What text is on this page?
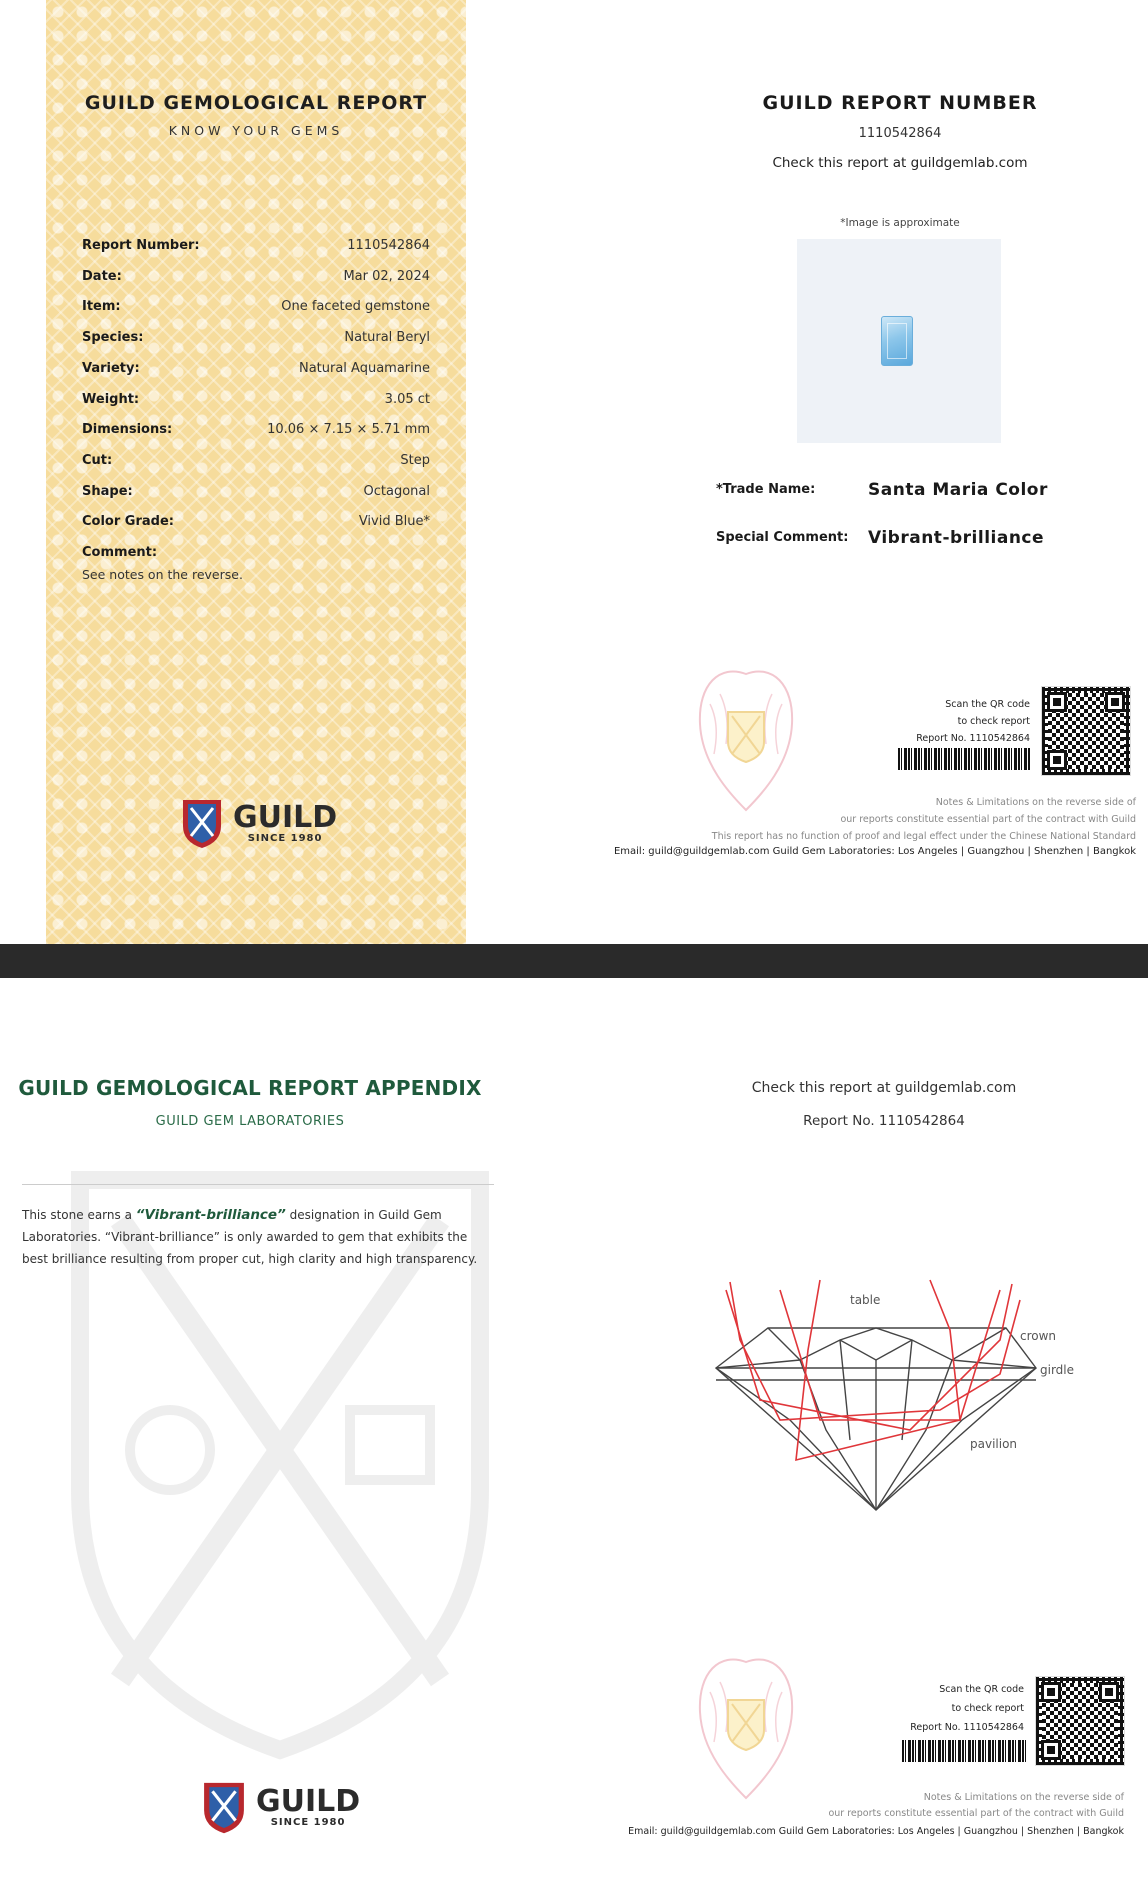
GUILD GEMOLOGICAL REPORT
KNOW YOUR GEMS
Report Number:	1110542864
Date:	Mar 02, 2024
Item:	One faceted gemstone
Species:	Natural Beryl
Variety:	Natural Aquamarine
Weight:	3.05 ct
Dimensions:	10.06 × 7.15 × 5.71 mm
Cut:	Step
Shape:	Octagonal
Color Grade:	Vivid Blue*
Comment:
See notes on the reverse.
GUILD
SINCE 1980
GUILD REPORT NUMBER
1110542864
Check this report at guildgemlab.com
*Image is approximate
*Trade Name:	Santa Maria Color
Special Comment: Vibrant-brilliance
Scan the QR code
to check report
Report No. 1110542864
Notes & Limitations on the reverse side of
our reports constitute essential part of the contract with Guild
This report has no function of proof and legal effect under the Chinese National Standard
Email: guild@guildgemlab.com Guild Gem Laboratories: Los Angeles | Guangzhou | Shenzhen | Bangkok
GUILD GEMOLOGICAL REPORT APPENDIX
GUILD GEM LABORATORIES
This stone earns a “Vibrant-brilliance” designation in Guild Gem Laboratories. “Vibrant-brilliance” is only awarded to gem that exhibits the best brilliance resulting from proper cut, high clarity and high transparency.
GUILD
SINCE 1980
Check this report at guildgemlab.com
Report No. 1110542864
table
crown
girdle
pavilion
Scan the QR code
to check report
Report No. 1110542864
Notes & Limitations on the reverse side of
our reports constitute essential part of the contract with Guild
Email: guild@guildgemlab.com Guild Gem Laboratories: Los Angeles | Guangzhou | Shenzhen | Bangkok
